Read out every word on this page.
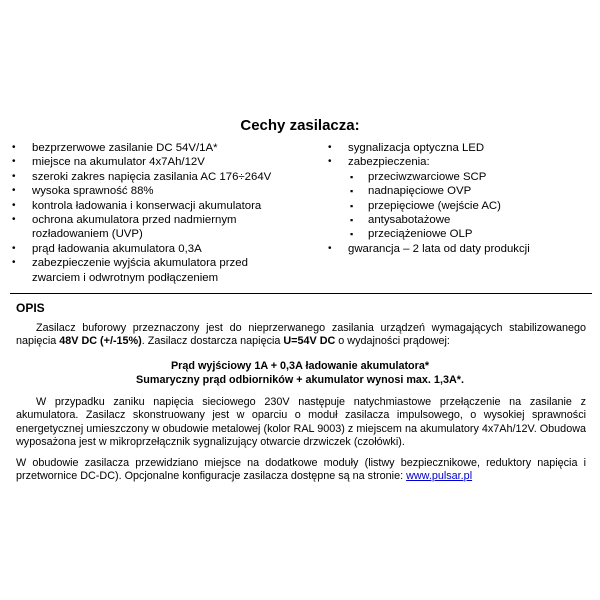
Cechy zasilacza:
• bezprzerwowe zasilanie DC 54V/1A*
• miejsce na akumulator 4x7Ah/12V
• szeroki zakres napięcia zasilania AC 176÷264V
• wysoka sprawność 88%
• kontrola ładowania i konserwacji akumulatora
• ochrona akumulatora przed nadmiernym rozładowaniem (UVP)
• prąd ładowania akumulatora 0,3A
• zabezpieczenie wyjścia akumulatora przed zwarciem i odwrotnym podłączeniem
• sygnalizacja optyczna LED
• zabezpieczenia:
▪ przeciwzwarciowe SCP
▪ nadnapięciowe OVP
▪ przepięciowe (wejście AC)
▪ antysabotażowe
▪ przeciążeniowe OLP
• gwarancja – 2 lata od daty produkcji
OPIS
Zasilacz buforowy przeznaczony jest do nieprzerwanego zasilania urządzeń wymagających stabilizowanego napięcia 48V DC (+/-15%). Zasilacz dostarcza napięcia U=54V DC o wydajności prądowej:
Prąd wyjściowy 1A + 0,3A ładowanie akumulatora*
Sumaryczny prąd odbiorników + akumulator wynosi max. 1,3A*.
W przypadku zaniku napięcia sieciowego 230V następuje natychmiastowe przełączenie na zasilanie z akumulatora. Zasilacz skonstruowany jest w oparciu o moduł zasilacza impulsowego, o wysokiej sprawności energetycznej umieszczony w obudowie metalowej (kolor RAL 9003) z miejscem na akumulatory 4x7Ah/12V. Obudowa wyposażona jest w mikroprzełącznik sygnalizujący otwarcie drzwiczek (czołówki).
W obudowie zasilacza przewidziano miejsce na dodatkowe moduły (listwy bezpiecznikowe, reduktory napięcia i przetwornice DC-DC). Opcjonalne konfiguracje zasilacza dostępne są na stronie: www.pulsar.pl
